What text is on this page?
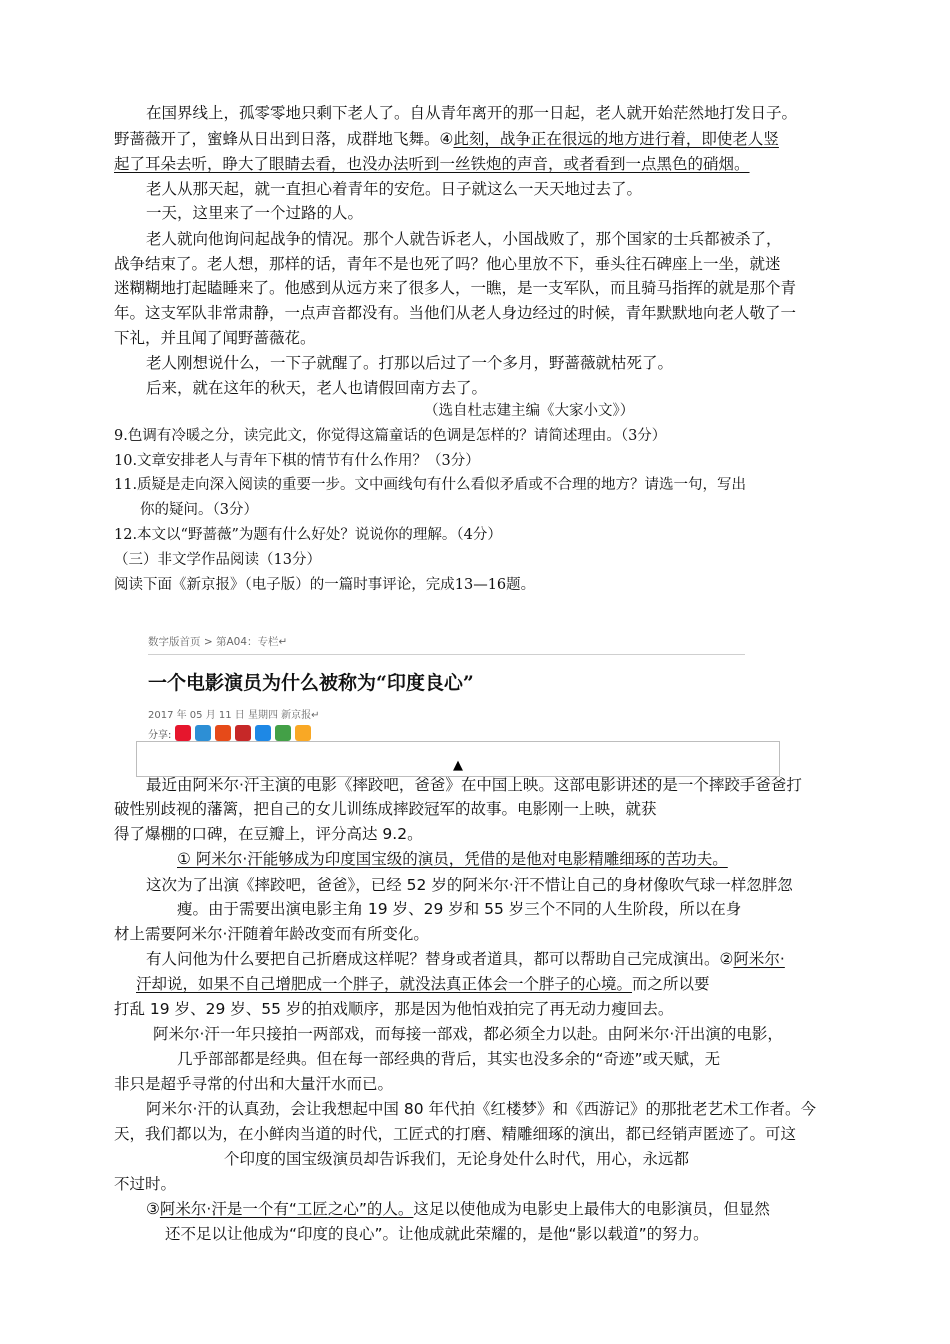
在国界线上，孤零零地只剩下老人了。自从青年离开的那一日起，老人就开始茫然地打发日子。
野蔷薇开了，蜜蜂从日出到日落，成群地飞舞。④此刻，战争正在很远的地方进行着，即使老人竖
起了耳朵去听，睁大了眼睛去看，也没办法听到一丝铁炮的声音，或者看到一点黑色的硝烟。
老人从那天起，就一直担心着青年的安危。日子就这么一天天地过去了。
一天，这里来了一个过路的人。
老人就向他询问起战争的情况。那个人就告诉老人，小国战败了，那个国家的士兵都被杀了，
战争结束了。老人想，那样的话，青年不是也死了吗？他心里放不下，垂头往石碑座上一坐，就迷
迷糊糊地打起瞌睡来了。他感到从远方来了很多人，一瞧，是一支军队，而且骑马指挥的就是那个青
年。这支军队非常肃静，一点声音都没有。当他们从老人身边经过的时候，青年默默地向老人敬了一
下礼，并且闻了闻野蔷薇花。
老人刚想说什么，一下子就醒了。打那以后过了一个多月，野蔷薇就枯死了。
后来，就在这年的秋天，老人也请假回南方去了。
（选自杜志建主编《大家小文》）
9.色调有冷暖之分，读完此文，你觉得这篇童话的色调是怎样的？请简述理由。（3分）
10.文章安排老人与青年下棋的情节有什么作用？（3分）
11.质疑是走向深入阅读的重要一步。文中画线句有什么看似矛盾或不合理的地方？请选一句，写出
你的疑问。（3分）
12.本文以“野蔷薇”为题有什么好处？说说你的理解。（4分）
（三）非文学作品阅读（13分）
阅读下面《新京报》（电子版）的一篇时事评论，完成13—16题。
数字版首页 > 第A04：专栏↵
一个电影演员为什么被称为“印度良心”
2017 年 05 月 11 日 星期四 新京报↵
分享:
▲
最近由阿米尔·汗主演的电影《摔跤吧，爸爸》在中国上映。这部电影讲述的是一个摔跤手爸爸打
破性别歧视的藩篱，把自己的女儿训练成摔跤冠军的故事。电影刚一上映，就获
得了爆棚的口碑，在豆瓣上，评分高达 9.2。
① 阿米尔·汗能够成为印度国宝级的演员，凭借的是他对电影精雕细琢的苦功夫。
这次为了出演《摔跤吧，爸爸》，已经 52 岁的阿米尔·汗不惜让自己的身材像吹气球一样忽胖忽
瘦。由于需要出演电影主角 19 岁、29 岁和 55 岁三个不同的人生阶段，所以在身
材上需要阿米尔·汗随着年龄改变而有所变化。
有人问他为什么要把自己折磨成这样呢？替身或者道具，都可以帮助自己完成演出。②阿米尔·
汗却说，如果不自己增肥成一个胖子，就没法真正体会一个胖子的心境。而之所以要
打乱 19 岁、29 岁、55 岁的拍戏顺序，那是因为他怕戏拍完了再无动力瘦回去。
阿米尔·汗一年只接拍一两部戏，而每接一部戏，都必须全力以赴。由阿米尔·汗出演的电影，
几乎部部都是经典。但在每一部经典的背后，其实也没多余的“奇迹”或天赋，无
非只是超乎寻常的付出和大量汗水而已。
阿米尔·汗的认真劲，会让我想起中国 80 年代拍《红楼梦》和《西游记》的那批老艺术工作者。今
天，我们都以为，在小鲜肉当道的时代，工匠式的打磨、精雕细琢的演出，都已经销声匿迹了。可这
个印度的国宝级演员却告诉我们，无论身处什么时代，用心，永远都
不过时。
③阿米尔·汗是一个有“工匠之心”的人。这足以使他成为电影史上最伟大的电影演员，但显然
还不足以让他成为“印度的良心”。让他成就此荣耀的，是他“影以载道”的努力。
